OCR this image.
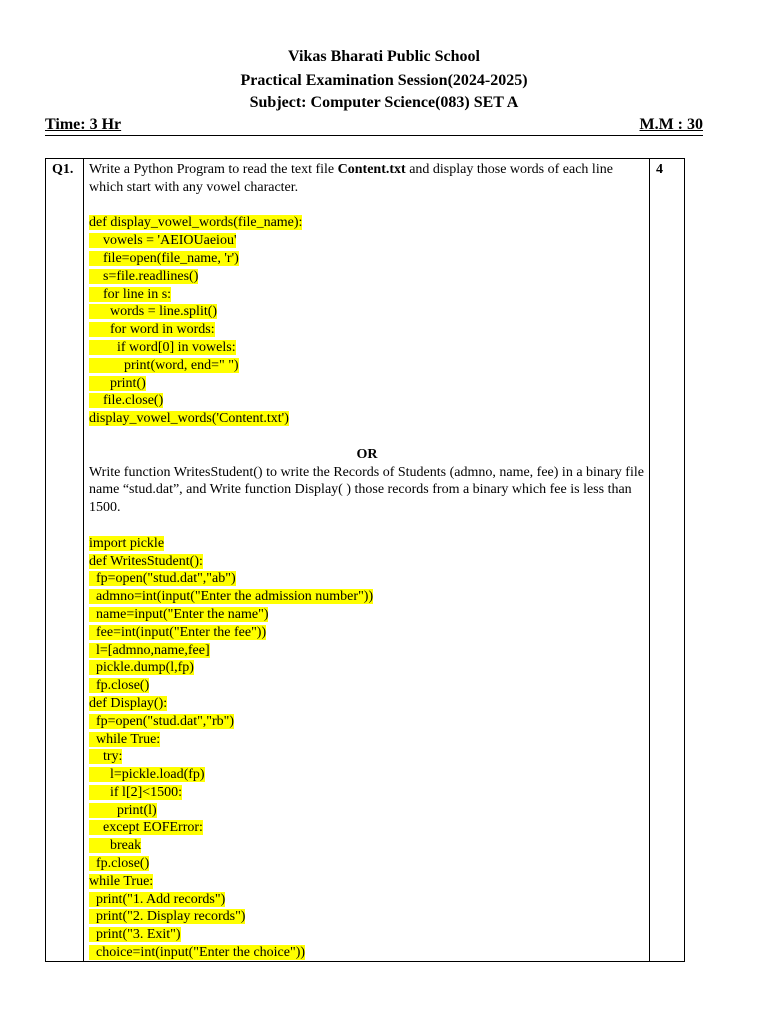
Vikas Bharati Public School
Practical Examination Session(2024-2025)
Subject: Computer Science(083) SET A
Time: 3 Hr	M.M : 30
Q1.	4

Write a Python Program to read the text file Content.txt and display those words of each line which start with any vowel character.

def display_vowel_words(file_name):
vowels = 'AEIOUaeiou'
file=open(file_name, 'r')
s=file.readlines()
for line in s:
words = line.split()
for word in words:
if word[0] in vowels:
print(word, end=" ")
print()
file.close()
display_vowel_words('Content.txt')
OR

Write function WritesStudent() to write the Records of Students (admno, name, fee) in a binary file name “stud.dat”, and Write function Display( ) those records from a binary which fee is less than 1500.

import pickle
def WritesStudent():
fp=open("stud.dat","ab")
admno=int(input("Enter the admission number"))
name=input("Enter the name")
fee=int(input("Enter the fee"))
l=[admno,name,fee]
pickle.dump(l,fp)
fp.close()
def Display():
fp=open("stud.dat","rb")
while True:
try:
l=pickle.load(fp)
if l[2]<1500:
print(l)
except EOFError:
break
fp.close()
while True:
print("1. Add records")
print("2. Display records")
print("3. Exit")
choice=int(input("Enter the choice"))
